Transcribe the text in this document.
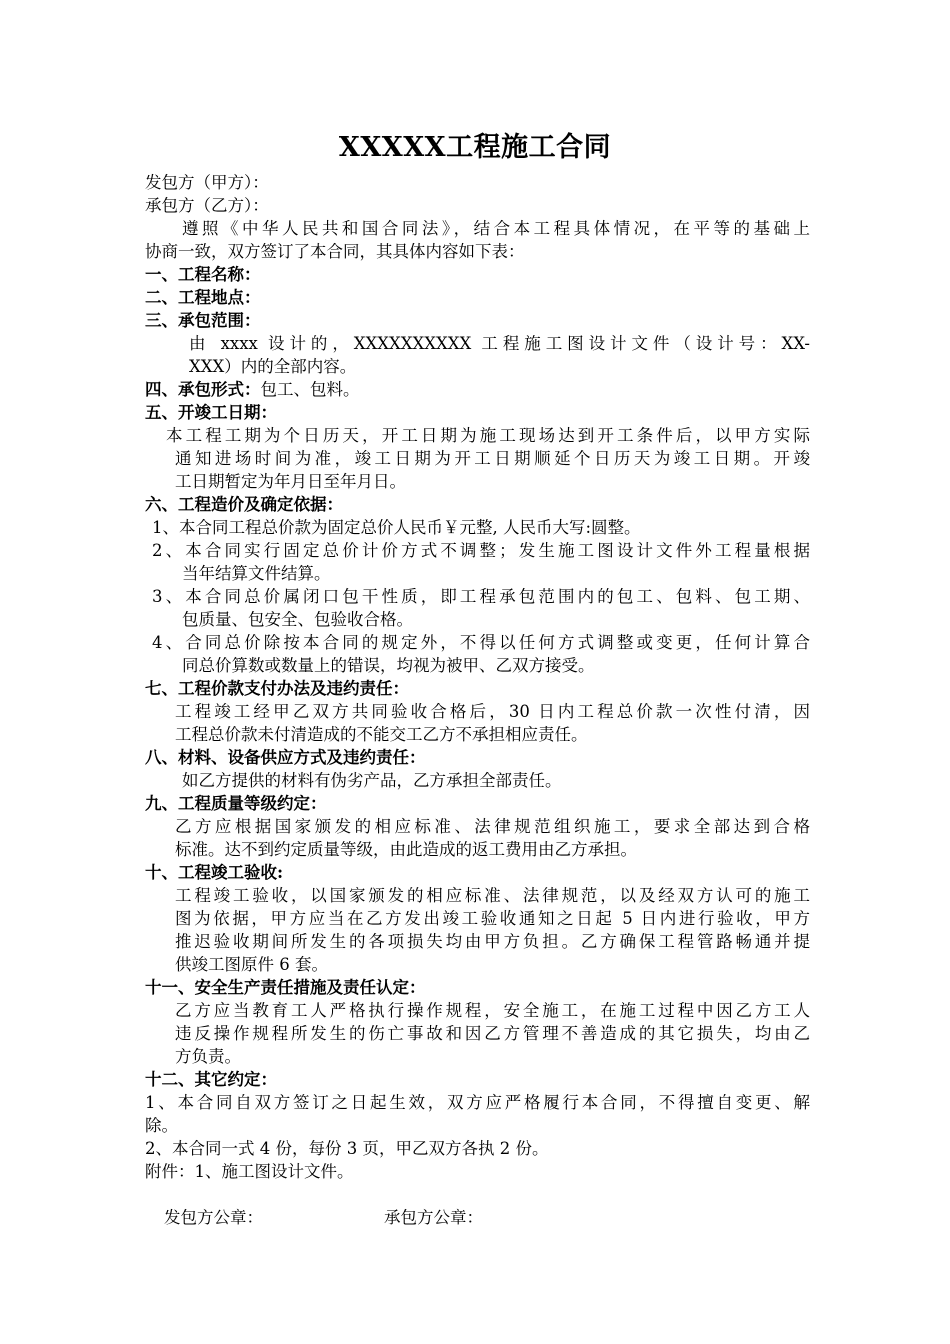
XXXXX工程施工合同
发包方（甲方）：
承包方（乙方）：
遵照《中华人民共和国合同法》，结合本工程具体情况，在平等的基础上
协商一致，双方签订了本合同，其具体内容如下表：
一、工程名称：
二、工程地点：
三、承包范围：
由 xxxx 设计的，XXXXXXXXXX 工程施工图设计文件（设计号：XX-
XXX）内的全部内容。
四、承包形式：包工、包料。
五、开竣工日期：
本工程工期为个日历天，开工日期为施工现场达到开工条件后，以甲方实际
通知进场时间为准，竣工日期为开工日期顺延个日历天为竣工日期。开竣
工日期暂定为年月日至年月日。
六、工程造价及确定依据：
1、本合同工程总价款为固定总价人民币￥元整, 人民币大写:圆整。
2、本合同实行固定总价计价方式不调整；发生施工图设计文件外工程量根据
当年结算文件结算。
3、本合同总价属闭口包干性质，即工程承包范围内的包工、包料、包工期、
包质量、包安全、包验收合格。
4、合同总价除按本合同的规定外，不得以任何方式调整或变更，任何计算合
同总价算数或数量上的错误，均视为被甲、乙双方接受。
七、工程价款支付办法及违约责任：
工程竣工经甲乙双方共同验收合格后，30 日内工程总价款一次性付清，因
工程总价款未付清造成的不能交工乙方不承担相应责任。
八、材料、设备供应方式及违约责任：
如乙方提供的材料有伪劣产品，乙方承担全部责任。
九、工程质量等级约定：
乙方应根据国家颁发的相应标准、法律规范组织施工，要求全部达到合格
标准。达不到约定质量等级，由此造成的返工费用由乙方承担。
十、工程竣工验收:
工程竣工验收，以国家颁发的相应标准、法律规范，以及经双方认可的施工
图为依据，甲方应当在乙方发出竣工验收通知之日起 5 日内进行验收，甲方
推迟验收期间所发生的各项损失均由甲方负担。乙方确保工程管路畅通并提
供竣工图原件 6 套。
十一、安全生产责任措施及责任认定：
乙方应当教育工人严格执行操作规程，安全施工，在施工过程中因乙方工人
违反操作规程所发生的伤亡事故和因乙方管理不善造成的其它损失，均由乙
方负责。
十二、其它约定：
1、本合同自双方签订之日起生效，双方应严格履行本合同，不得擅自变更、解
除。
2、本合同一式 4 份，每份 3 页，甲乙双方各执 2 份。
附件：1、施工图设计文件。
发包方公章：	承包方公章：
